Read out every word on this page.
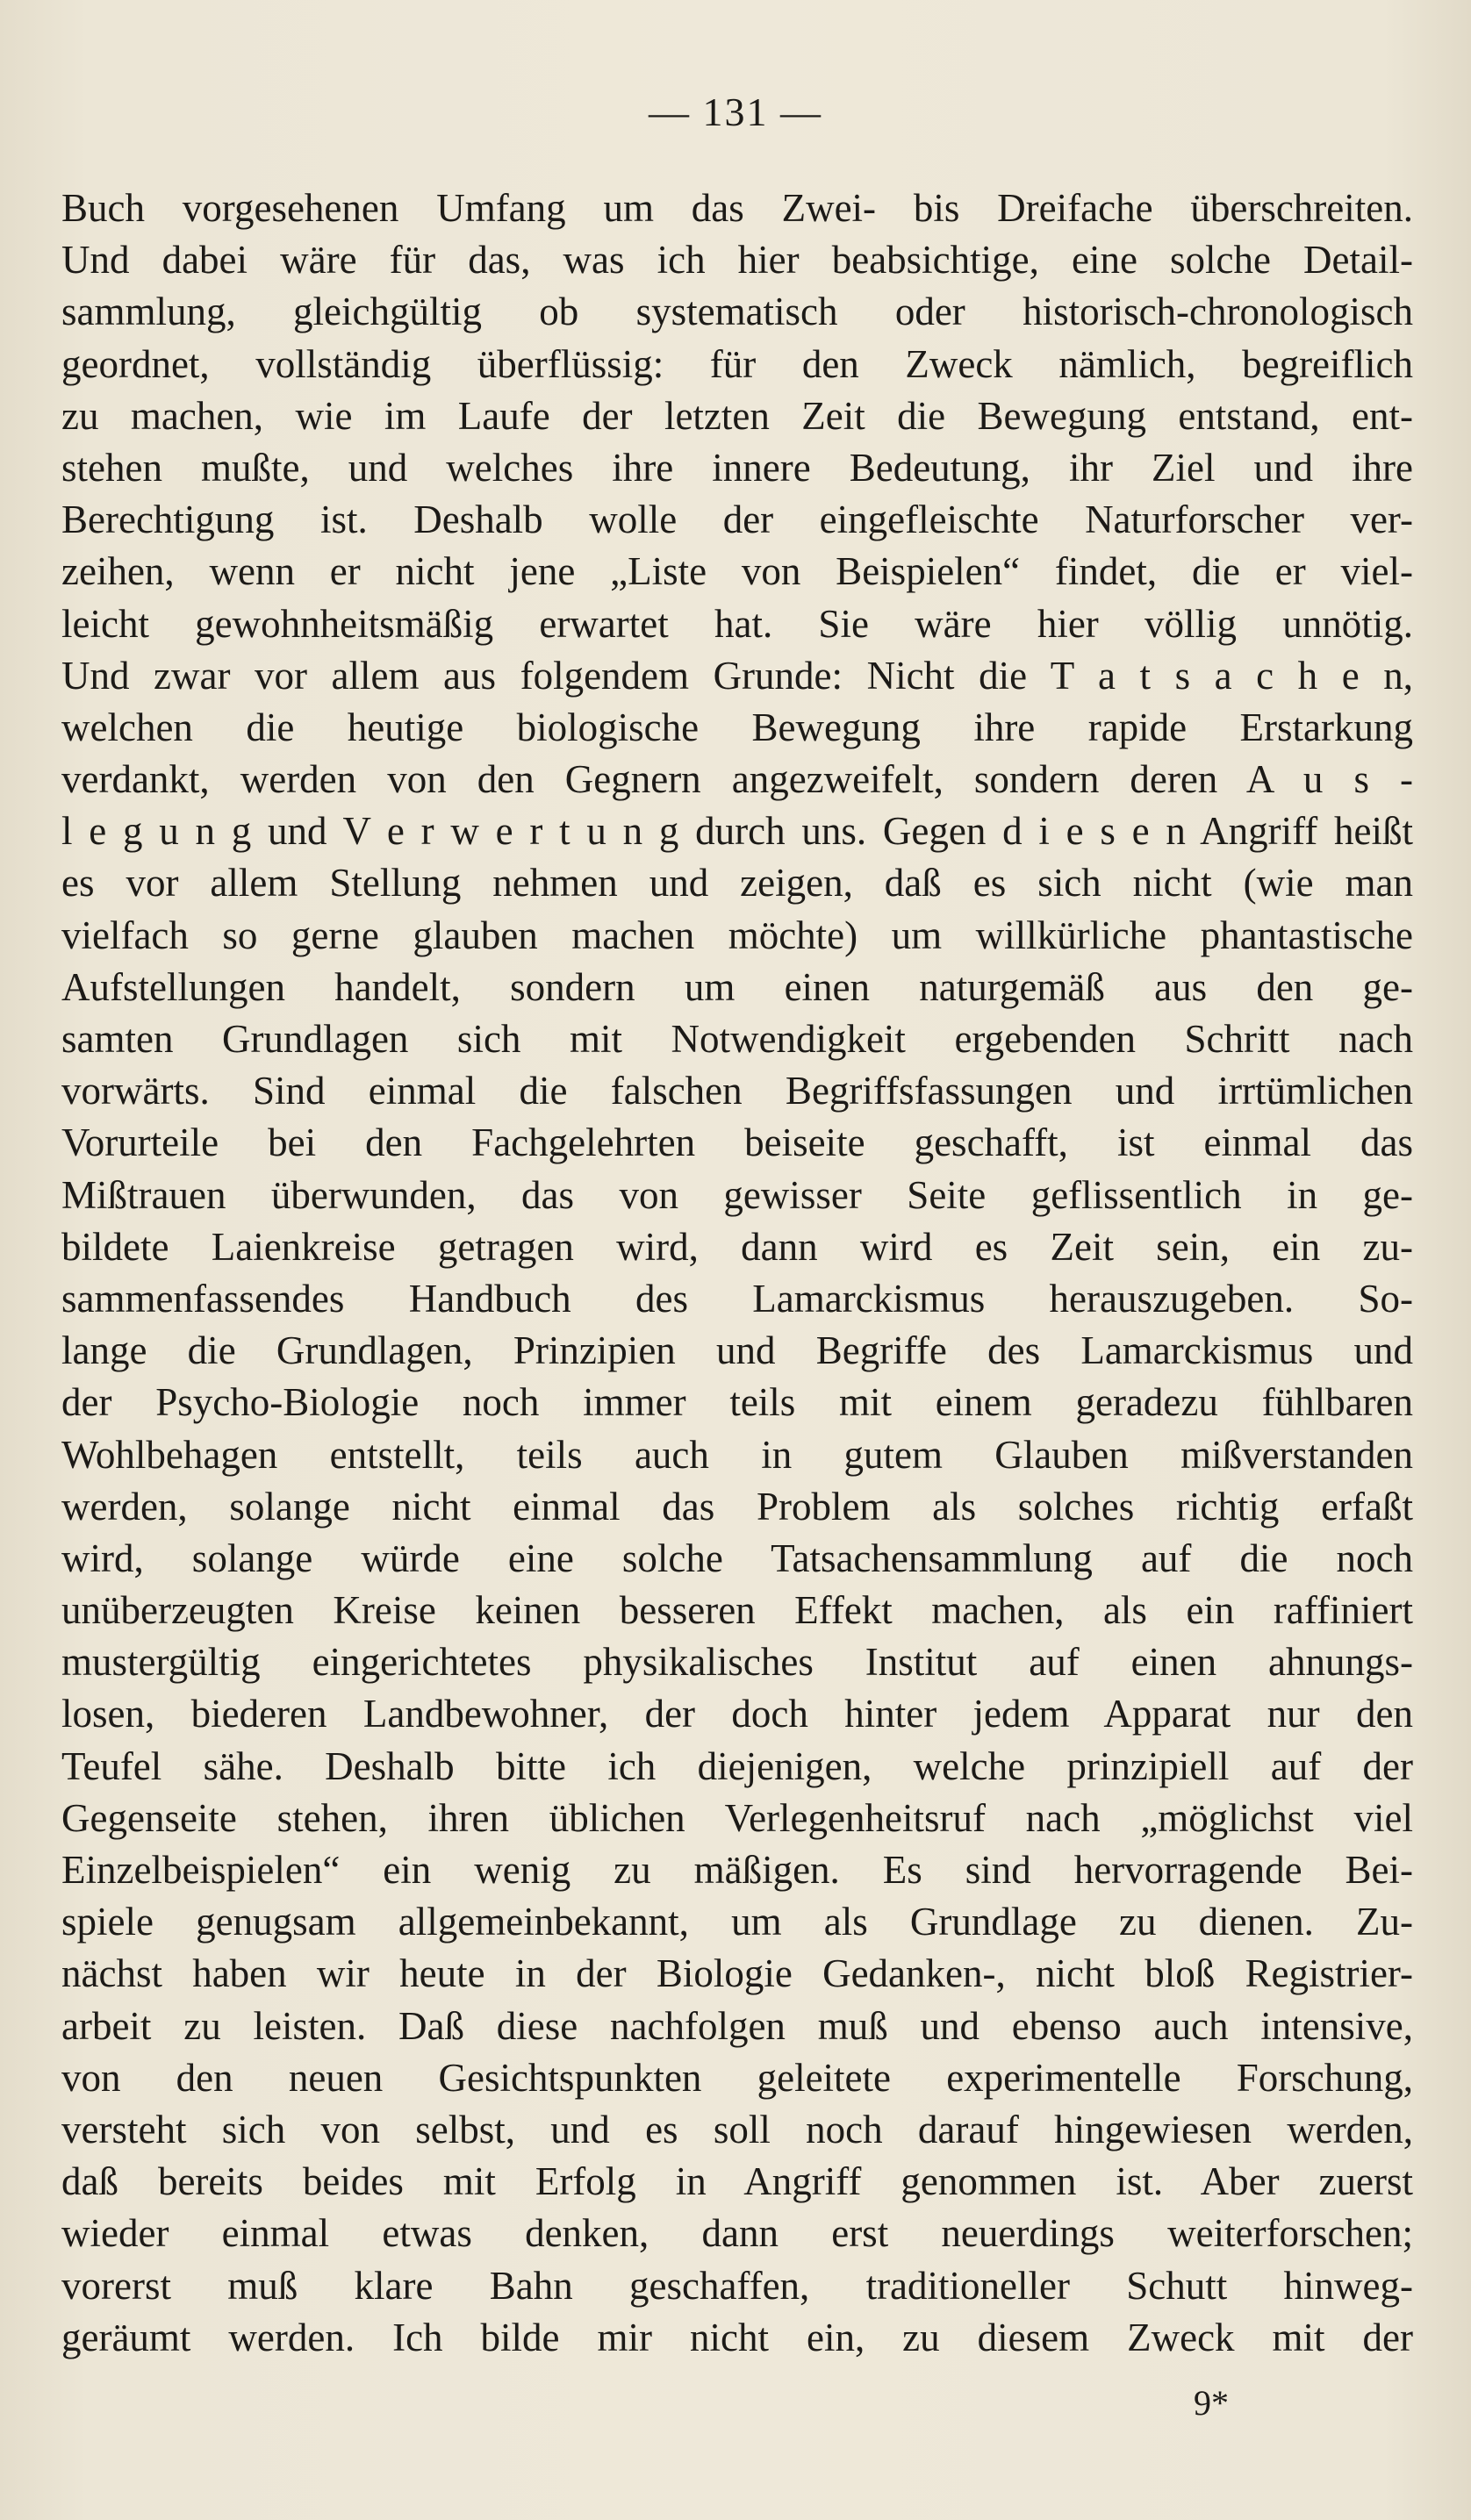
— 131 —
Buch vorgesehenen Umfang um das Zwei- bis Dreifache überschreiten.
Und dabei wäre für das, was ich hier beabsichtige, eine solche Detail-
sammlung, gleichgültig ob systematisch oder historisch-chronologisch
geordnet, vollständig überflüssig: für den Zweck nämlich, begreiflich
zu machen, wie im Laufe der letzten Zeit die Bewegung entstand, ent-
stehen mußte, und welches ihre innere Bedeutung, ihr Ziel und ihre
Berechtigung ist. Deshalb wolle der eingefleischte Naturforscher ver-
zeihen, wenn er nicht jene „Liste von Beispielen“ findet, die er viel-
leicht gewohnheitsmäßig erwartet hat. Sie wäre hier völlig unnötig.
Und zwar vor allem aus folgendem Grunde: Nicht die T a t s a c h e n,
welchen die heutige biologische Bewegung ihre rapide Erstarkung
verdankt, werden von den Gegnern angezweifelt, sondern deren A u s -
l e g u n g und V e r w e r t u n g durch uns. Gegen d i e s e n Angriff heißt
es vor allem Stellung nehmen und zeigen, daß es sich nicht (wie man
vielfach so gerne glauben machen möchte) um willkürliche phantastische
Aufstellungen handelt, sondern um einen naturgemäß aus den ge-
samten Grundlagen sich mit Notwendigkeit ergebenden Schritt nach
vorwärts. Sind einmal die falschen Begriffsfassungen und irrtümlichen
Vorurteile bei den Fachgelehrten beiseite geschafft, ist einmal das
Mißtrauen überwunden, das von gewisser Seite geflissentlich in ge-
bildete Laienkreise getragen wird, dann wird es Zeit sein, ein zu-
sammenfassendes Handbuch des Lamarckismus herauszugeben. So-
lange die Grundlagen, Prinzipien und Begriffe des Lamarckismus und
der Psycho-Biologie noch immer teils mit einem geradezu fühlbaren
Wohlbehagen entstellt, teils auch in gutem Glauben mißverstanden
werden, solange nicht einmal das Problem als solches richtig erfaßt
wird, solange würde eine solche Tatsachensammlung auf die noch
unüberzeugten Kreise keinen besseren Effekt machen, als ein raffiniert
mustergültig eingerichtetes physikalisches Institut auf einen ahnungs-
losen, biederen Landbewohner, der doch hinter jedem Apparat nur den
Teufel sähe. Deshalb bitte ich diejenigen, welche prinzipiell auf der
Gegenseite stehen, ihren üblichen Verlegenheitsruf nach „möglichst viel
Einzelbeispielen“ ein wenig zu mäßigen. Es sind hervorragende Bei-
spiele genugsam allgemeinbekannt, um als Grundlage zu dienen. Zu-
nächst haben wir heute in der Biologie Gedanken-, nicht bloß Registrier-
arbeit zu leisten. Daß diese nachfolgen muß und ebenso auch intensive,
von den neuen Gesichtspunkten geleitete experimentelle Forschung,
versteht sich von selbst, und es soll noch darauf hingewiesen werden,
daß bereits beides mit Erfolg in Angriff genommen ist. Aber zuerst
wieder einmal etwas denken, dann erst neuerdings weiterforschen;
vorerst muß klare Bahn geschaffen, traditioneller Schutt hinweg-
geräumt werden. Ich bilde mir nicht ein, zu diesem Zweck mit der
9*
